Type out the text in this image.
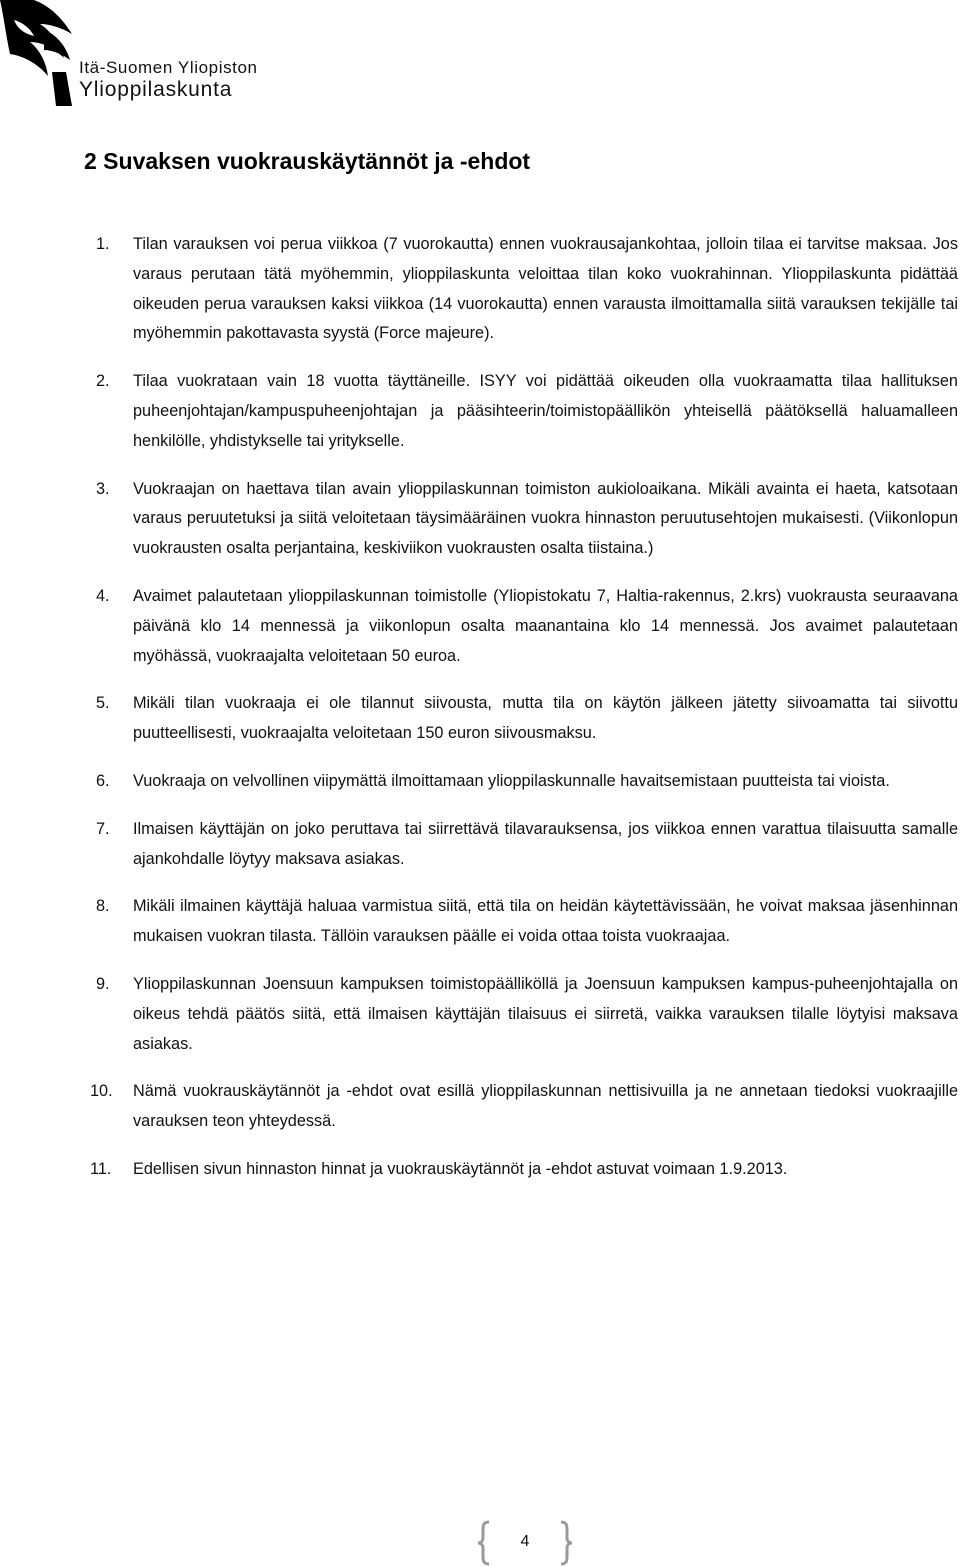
Itä-Suomen Yliopiston
Ylioppilaskunta
2 Suvaksen vuokrauskäytännöt ja -ehdot
1. Tilan varauksen voi perua viikkoa (7 vuorokautta) ennen vuokrausajankohtaa, jolloin tilaa ei tarvitse maksaa. Jos varaus perutaan tätä myöhemmin, ylioppilaskunta veloittaa tilan koko vuokrahinnan. Ylioppilaskunta pidättää oikeuden perua varauksen kaksi viikkoa (14 vuorokautta) ennen varausta ilmoittamalla siitä varauksen tekijälle tai myöhemmin pakottavasta syystä (Force majeure).
2. Tilaa vuokrataan vain 18 vuotta täyttäneille. ISYY voi pidättää oikeuden olla vuokraamatta tilaa hallituksen puheenjohtajan/kampuspuheenjohtajan ja pääsihteerin/toimistopäällikön yhteisellä päätöksellä haluamalleen henkilölle, yhdistykselle tai yritykselle.
3. Vuokraajan on haettava tilan avain ylioppilaskunnan toimiston aukioloaikana. Mikäli avainta ei haeta, katsotaan varaus peruutetuksi ja siitä veloitetaan täysimääräinen vuokra hinnaston peruutusehtojen mukaisesti. (Viikonlopun vuokrausten osalta perjantaina, keskiviikon vuokrausten osalta tiistaina.)
4. Avaimet palautetaan ylioppilaskunnan toimistolle (Yliopistokatu 7, Haltia-rakennus, 2.krs) vuokrausta seuraavana päivänä klo 14 mennessä ja viikonlopun osalta maanantaina klo 14 mennessä. Jos avaimet palautetaan myöhässä, vuokraajalta veloitetaan 50 euroa.
5. Mikäli tilan vuokraaja ei ole tilannut siivousta, mutta tila on käytön jälkeen jätetty siivoamatta tai siivottu puutteellisesti, vuokraajalta veloitetaan 150 euron siivousmaksu.
6. Vuokraaja on velvollinen viipymättä ilmoittamaan ylioppilaskunnalle havaitsemistaan puutteista tai vioista.
7. Ilmaisen käyttäjän on joko peruttava tai siirrettävä tilavarauksensa, jos viikkoa ennen varattua tilaisuutta samalle ajankohdalle löytyy maksava asiakas.
8. Mikäli ilmainen käyttäjä haluaa varmistua siitä, että tila on heidän käytettävissään, he voivat maksaa jäsenhinnan mukaisen vuokran tilasta. Tällöin varauksen päälle ei voida ottaa toista vuokraajaa.
9. Ylioppilaskunnan Joensuun kampuksen toimistopäälliköllä ja Joensuun kampuksen kampus-puheenjohtajalla on oikeus tehdä päätös siitä, että ilmaisen käyttäjän tilaisuus ei siirretä, vaikka varauksen tilalle löytyisi maksava asiakas.
10. Nämä vuokrauskäytännöt ja -ehdot ovat esillä ylioppilaskunnan nettisivuilla ja ne annetaan tiedoksi vuokraajille varauksen teon yhteydessä.
11. Edellisen sivun hinnaston hinnat ja vuokrauskäytännöt ja -ehdot astuvat voimaan 1.9.2013.
4
